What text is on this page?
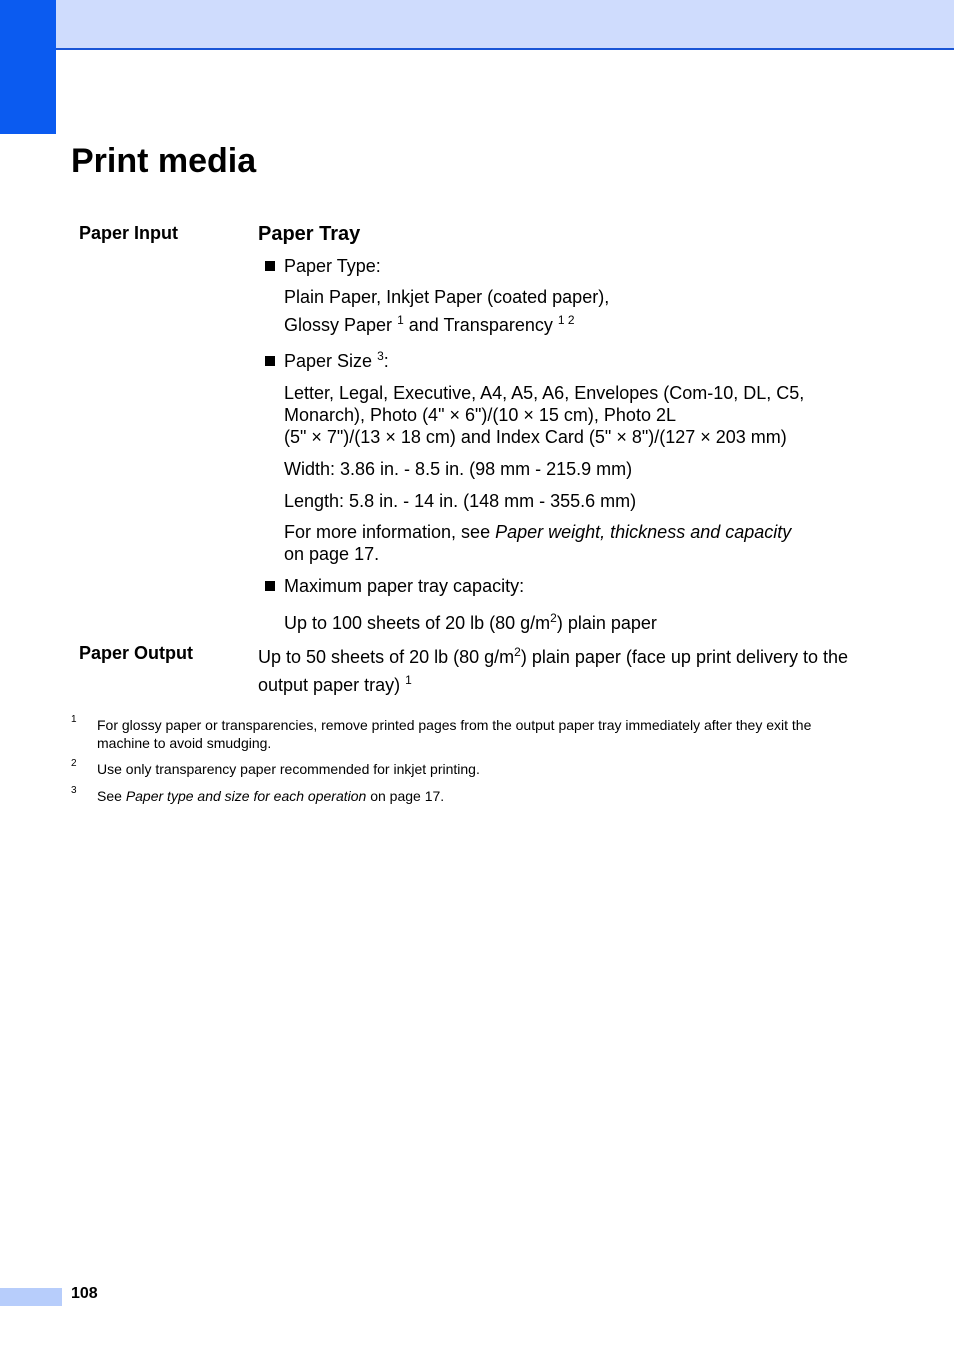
Print media
Paper Input	Paper Tray
Paper Type:
Plain Paper, Inkjet Paper (coated paper),
Glossy Paper $^1$ and Transparency $^{1 2}$
Paper Size $^3$:
Letter, Legal, Executive, A4, A5, A6, Envelopes (Com-10, DL, C5,
Monarch), Photo (4" × 6")/(10 × 15 cm), Photo 2L
(5" × 7")/(13 × 18 cm) and Index Card (5" × 8")/(127 × 203 mm)
Width: 3.86 in. - 8.5 in. (98 mm - 215.9 mm)
Length: 5.8 in. - 14 in. (148 mm - 355.6 mm)
For more information, see Paper weight, thickness and capacity
on page 17.
Maximum paper tray capacity:
Up to 100 sheets of 20 lb (80 $g/m^2$) plain paper
Paper Output	Up to 50 sheets of 20 lb (80 $g/m^2$) plain paper (face up print delivery to the
output paper tray) $^1$
1 For glossy paper or transparencies, remove printed pages from the output paper tray immediately after they exit the
machine to avoid smudging.
2 Use only transparency paper recommended for inkjet printing.
3 See Paper type and size for each operation on page 17.
108
